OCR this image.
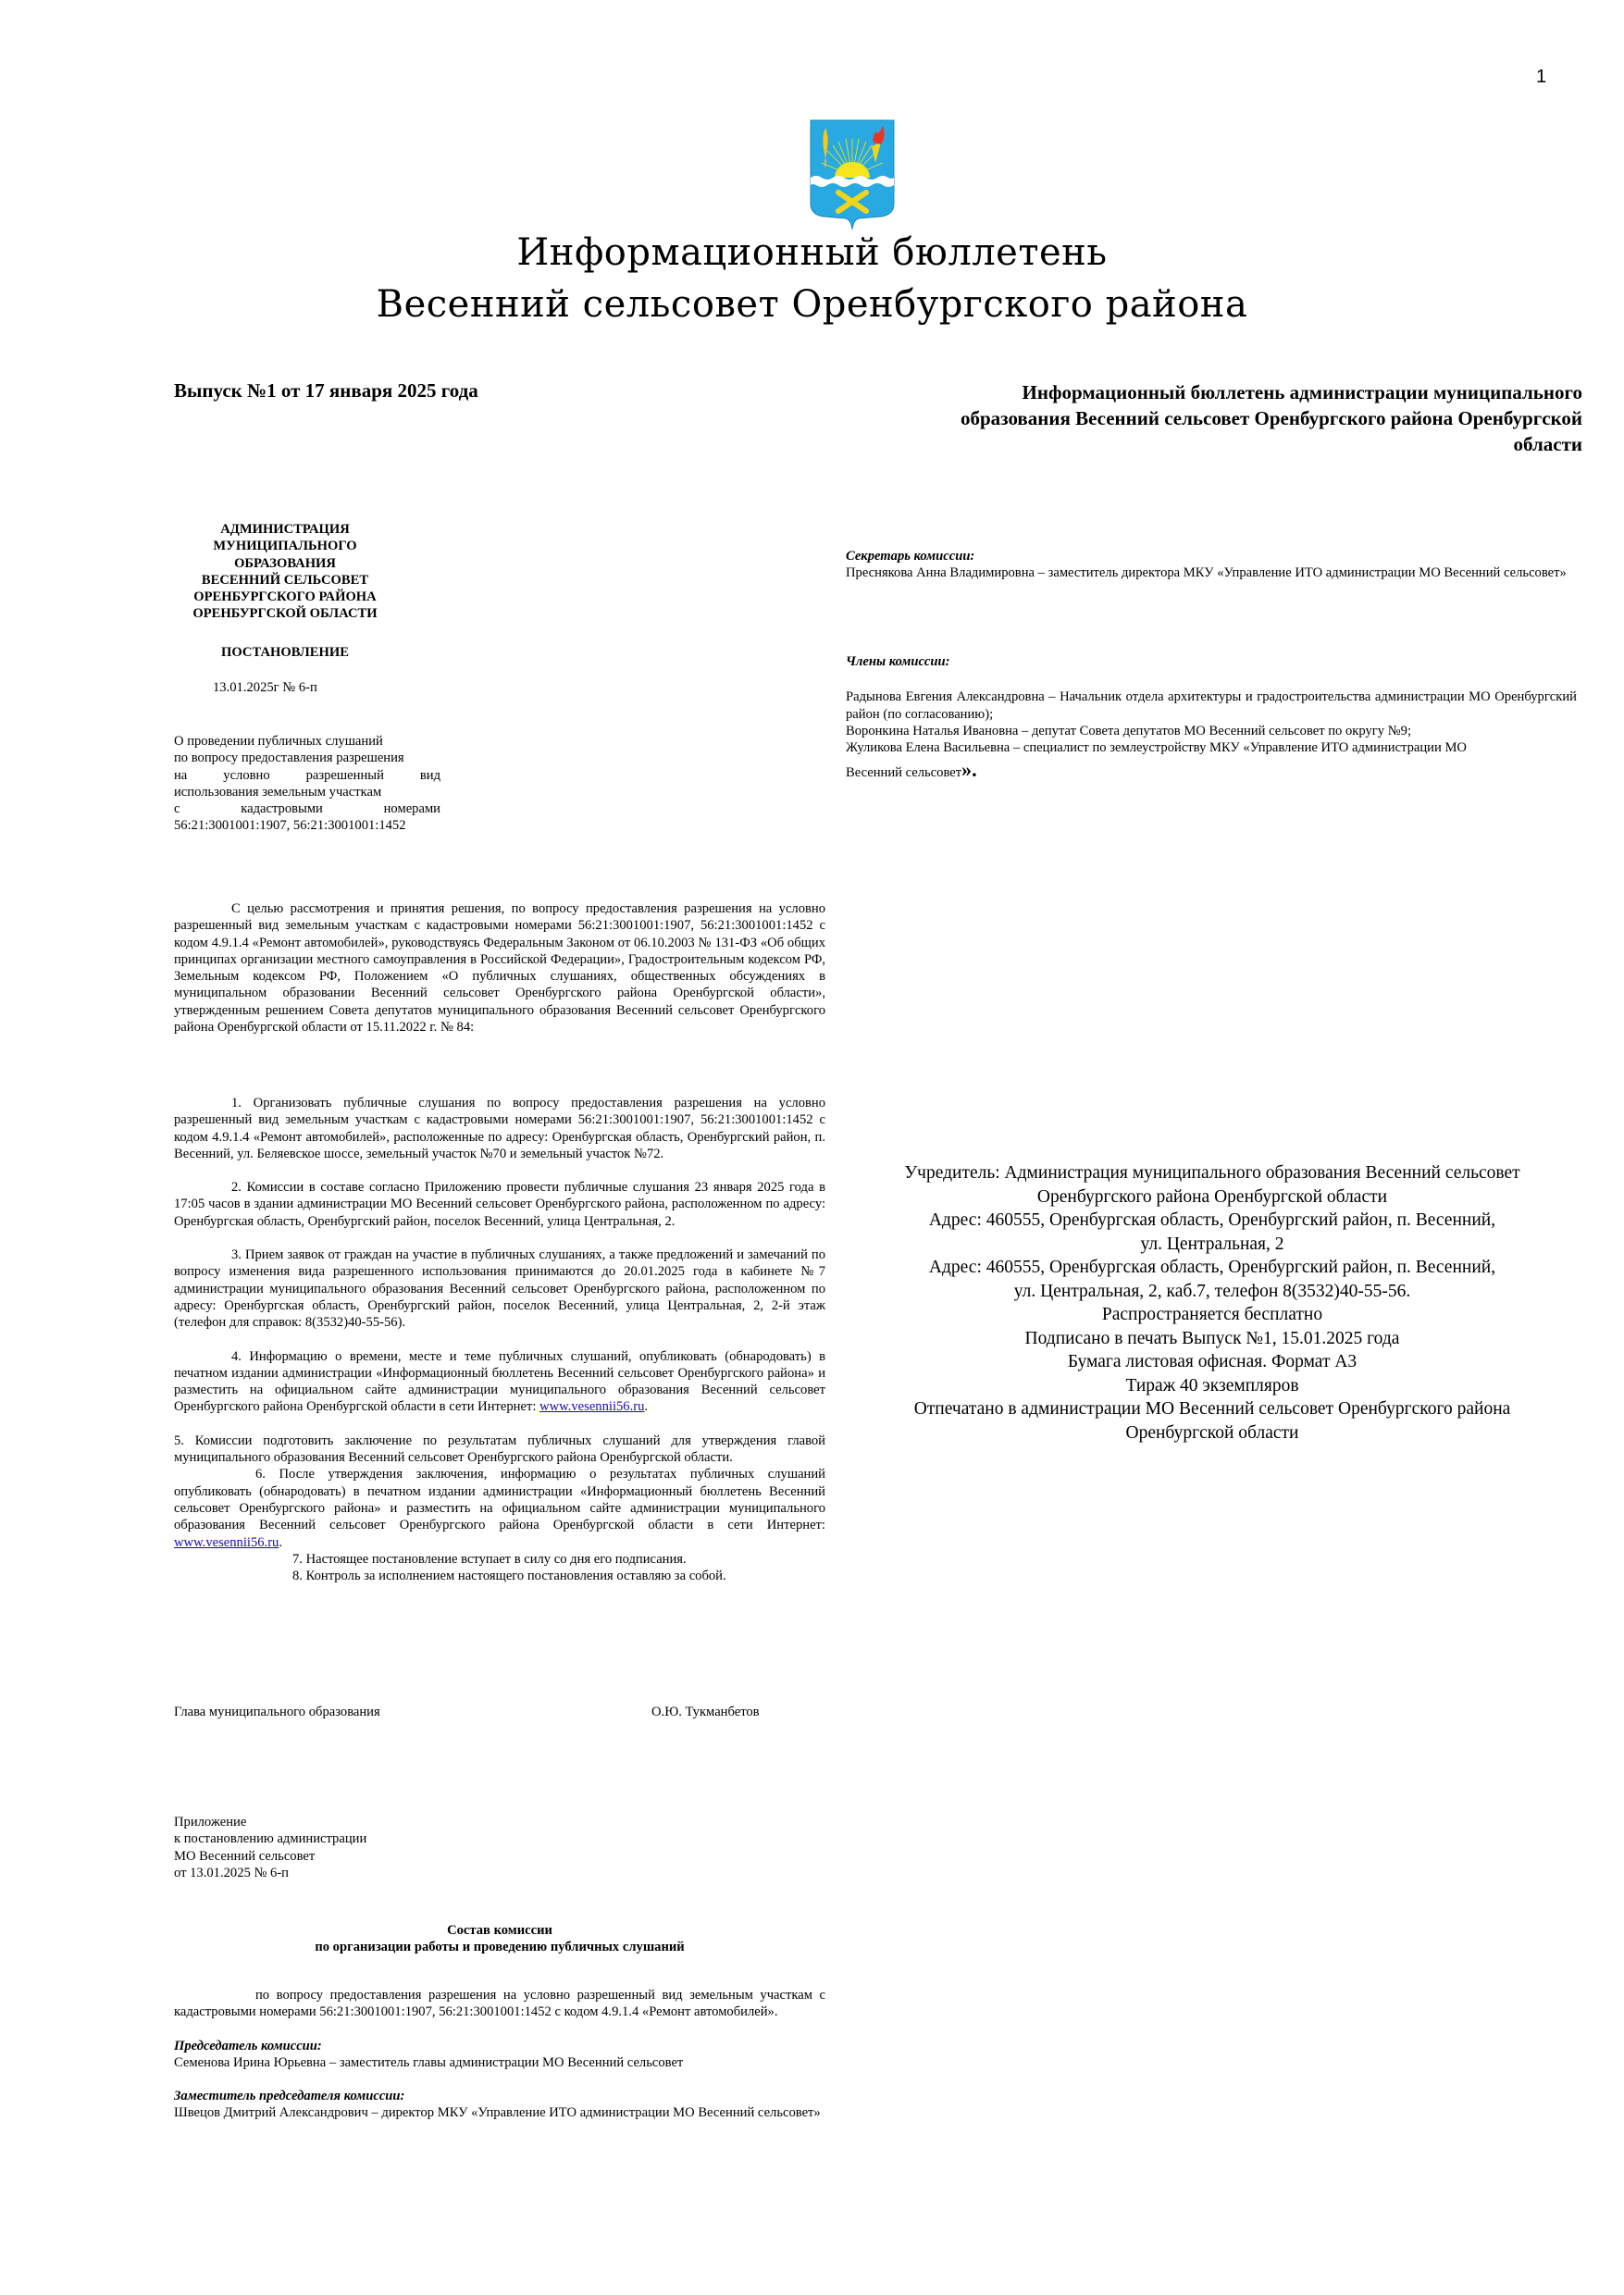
1
Информационный бюллетень
Весенний сельсовет Оренбургского района
Выпуск №1 от 17 января 2025 года	Информационный бюллетень администрации муниципального
образования Весенний сельсовет Оренбургского района Оренбургской
области
АДМИНИСТРАЦИЯ
МУНИЦИПАЛЬНОГО
ОБРАЗОВАНИЯ
ВЕСЕННИЙ СЕЛЬСОВЕТ
ОРЕНБУРГСКОГО РАЙОНА
ОРЕНБУРГСКОЙ ОБЛАСТИ
ПОСТАНОВЛЕНИЕ
13.01.2025г № 6-п
О проведении публичных слушаний
по вопросу предоставления разрешения
на условно разрешенный вид
использования земельным участкам
с кадастровыми номерами
56:21:3001001:1907, 56:21:3001001:1452

С целью рассмотрения и принятия решения, по вопросу предоставления разрешения на условно разрешенный вид земельным участкам с кадастровыми номерами 56:21:3001001:1907, 56:21:3001001:1452 с кодом 4.9.1.4 «Ремонт автомобилей», руководствуясь Федеральным Законом от 06.10.2003 № 131-ФЗ «Об общих принципах организации местного самоуправления в Российской Федерации», Градостроительным кодексом РФ, Земельным кодексом РФ, Положением «О публичных слушаниях, общественных обсуждениях в муниципальном образовании Весенний сельсовет Оренбургского района Оренбургской области», утвержденным решением Совета депутатов муниципального образования Весенний сельсовет Оренбургского района Оренбургской области от 15.11.2022 г. № 84:

1. Организовать публичные слушания по вопросу предоставления разрешения на условно разрешенный вид земельным участкам с кадастровыми номерами 56:21:3001001:1907, 56:21:3001001:1452 с кодом 4.9.1.4 «Ремонт автомобилей», расположенные по адресу: Оренбургская область, Оренбургский район, п. Весенний, ул. Беляевское шоссе, земельный участок №70 и земельный участок №72.

2. Комиссии в составе согласно Приложению провести публичные слушания 23 января 2025 года в 17:05 часов в здании администрации МО Весенний сельсовет Оренбургского района, расположенном по адресу: Оренбургская область, Оренбургский район, поселок Весенний, улица Центральная, 2.

3. Прием заявок от граждан на участие в публичных слушаниях, а также предложений и замечаний по вопросу изменения вида разрешенного использования принимаются до 20.01.2025 года в кабинете №7 администрации муниципального образования Весенний сельсовет Оренбургского района, расположенном по адресу: Оренбургская область, Оренбургский район, поселок Весенний, улица Центральная, 2, 2-й этаж (телефон для справок: 8(3532)40-55-56).

4. Информацию о времени, месте и теме публичных слушаний, опубликовать (обнародовать) в печатном издании администрации «Информационный бюллетень Весенний сельсовет Оренбургского района» и разместить на официальном сайте администрации муниципального образования Весенний сельсовет Оренбургского района Оренбургской области в сети Интернет: www.vesennii56.ru.

5. Комиссии подготовить заключение по результатам публичных слушаний для утверждения главой муниципального образования Весенний сельсовет Оренбургского района Оренбургской области.

6. После утверждения заключения, информацию о результатах публичных слушаний опубликовать (обнародовать) в печатном издании администрации «Информационный бюллетень Весенний сельсовет Оренбургского района» и разместить на официальном сайте администрации муниципального образования Весенний сельсовет Оренбургского района Оренбургской области в сети Интернет: www.vesennii56.ru.

7. Настоящее постановление вступает в силу со дня его подписания.

8. Контроль за исполнением настоящего постановления оставляю за собой.

Глава муниципального образования	О.Ю. Тукманбетов
Приложение
к постановлению администрации
МО Весенний сельсовет
от 13.01.2025 № 6-п
Состав комиссии
по организации работы и проведению публичных слушаний

по вопросу предоставления разрешения на условно разрешенный вид земельным участкам с кадастровыми номерами 56:21:3001001:1907, 56:21:3001001:1452 с кодом 4.9.1.4 «Ремонт автомобилей».

Председатель комиссии:

Семенова Ирина Юрьевна – заместитель главы администрации МО Весенний сельсовет

Заместитель председателя комиссии:

Швецов Дмитрий Александрович – директор МКУ «Управление ИТО администрации МО Весенний сельсовет»

Секретарь комиссии:

Преснякова Анна Владимировна – заместитель директора МКУ «Управление ИТО администрации МО Весенний сельсовет»

Члены комиссии:

Радынова Евгения Александровна – Начальник отдела архитектуры и градостроительства администрации МО Оренбургский район (по согласованию);

Воронкина Наталья Ивановна – депутат Совета депутатов МО Весенний сельсовет по округу №9;

Жуликова Елена Васильевна – специалист по землеустройству МКУ «Управление ИТО администрации МО

Весенний сельсовет».
Учредитель: Администрация муниципального образования Весенний сельсовет
Оренбургского района Оренбургской области
Адрес: 460555, Оренбургская область, Оренбургский район, п. Весенний,
ул. Центральная, 2
Адрес: 460555, Оренбургская область, Оренбургский район, п. Весенний,
ул. Центральная, 2, каб.7, телефон 8(3532)40-55-56.
Распространяется бесплатно
Подписано в печать Выпуск №1, 15.01.2025 года
Бумага листовая офисная. Формат А3
Тираж 40 экземпляров
Отпечатано в администрации МО Весенний сельсовет Оренбургского района
Оренбургской области
